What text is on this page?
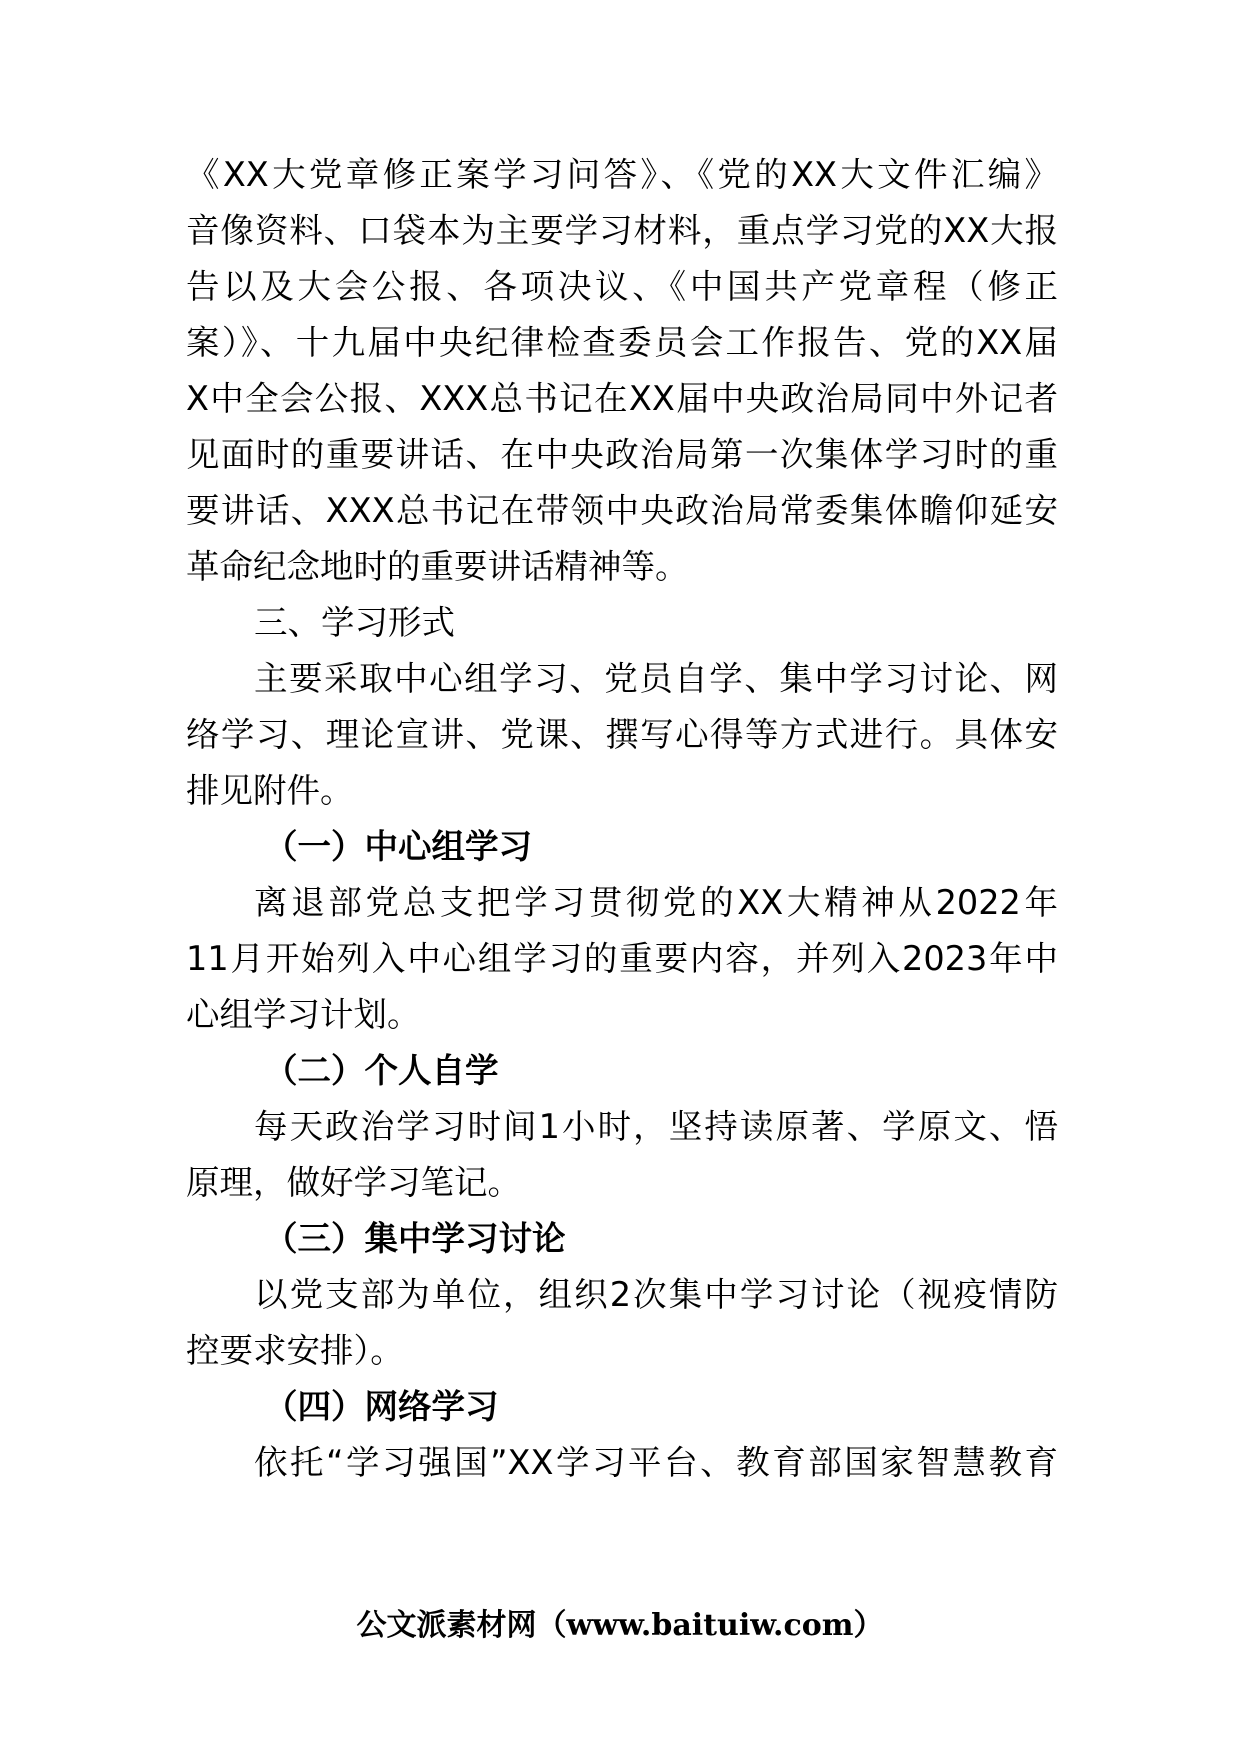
《XX大党章修正案学习问答》、《党的XX大文件汇编》
音像资料、口袋本为主要学习材料，重点学习党的XX大报
告以及大会公报、各项决议、《中国共产党章程（修正
案）》、十九届中央纪律检查委员会工作报告、党的XX届
X中全会公报、XXX总书记在XX届中央政治局同中外记者
见面时的重要讲话、在中央政治局第一次集体学习时的重
要讲话、XXX总书记在带领中央政治局常委集体瞻仰延安
革命纪念地时的重要讲话精神等。
三、学习形式
主要采取中心组学习、党员自学、集中学习讨论、网
络学习、理论宣讲、党课、撰写心得等方式进行。具体安
排见附件。
（一）中心组学习
离退部党总支把学习贯彻党的XX大精神从2022年
11月开始列入中心组学习的重要内容，并列入2023年中
心组学习计划。
（二）个人自学
每天政治学习时间1小时，坚持读原著、学原文、悟
原理，做好学习笔记。
（三）集中学习讨论
以党支部为单位，组织2次集中学习讨论（视疫情防
控要求安排）。
（四）网络学习
依托“学习强国”XX学习平台、教育部国家智慧教育
公文派素材网（www.baituiw.com）
